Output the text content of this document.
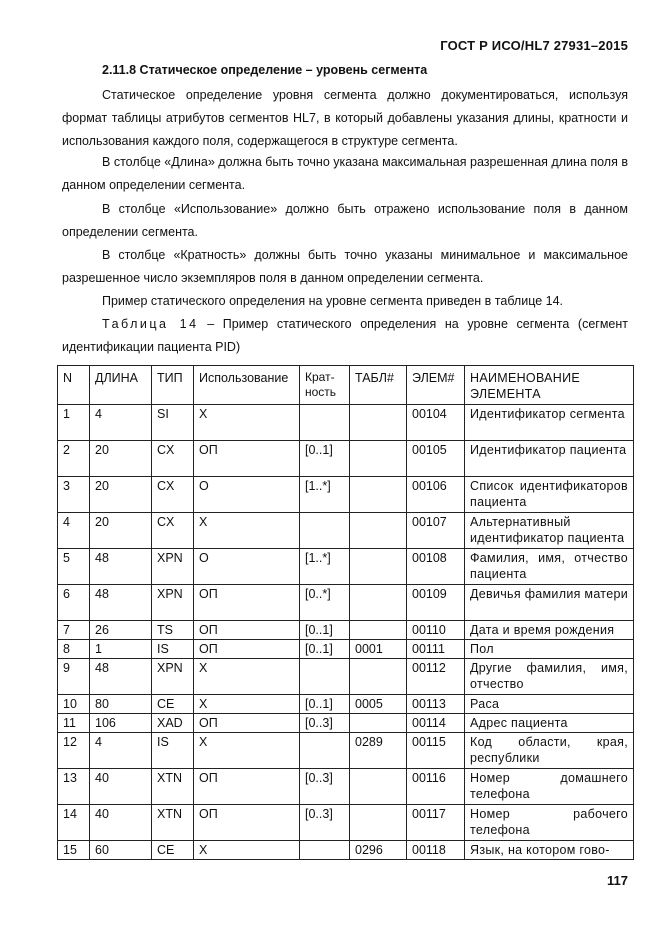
ГОСТ Р ИСО/HL7 27931–2015
2.11.8 Статическое определение – уровень сегмента

Статическое определение уровня сегмента должно документироваться, используя формат таблицы атрибутов сегментов HL7, в который добавлены указания длины, кратности и использования каждого поля, содержащегося в структуре сегмента.

В столбце «Длина» должна быть точно указана максимальная разрешенная длина поля в данном определении сегмента.

В столбце «Использование» должно быть отражено использование поля в данном определении сегмента.

В столбце «Кратность» должны быть точно указаны минимальное и максимальное разрешенное число экземпляров поля в данном определении сегмента.

Пример статического определения на уровне сегмента приведен в таблице 14.

Таблица 14 – Пример статического определения на уровне сегмента (сегмент идентификации пациента PID)

N	ДЛИНА	ТИП	Использование	Крат-ность	ТАБЛ#	ЭЛЕМ#	НАИМЕНОВАНИЕ ЭЛЕМЕНТА
1	4	SI	X			00104	Идентификатор сегмента
2	20	CX	ОП	[0..1]		00105	Идентификатор пациента
3	20	CX	О	[1..*]		00106	Список идентификаторов пациента
4	20	CX	X			00107	Альтернативный идентификатор пациента
5	48	XPN	О	[1..*]		00108	Фамилия, имя, отчество пациента
6	48	XPN	ОП	[0..*]		00109	Девичья фамилия матери
7	26	TS	ОП	[0..1]		00110	Дата и время рождения
8	1	IS	ОП	[0..1]	0001	00111	Пол
9	48	XPN	X			00112	Другие фамилия, имя, отчество
10	80	CE	X	[0..1]	0005	00113	Раса
11	106	XAD	ОП	[0..3]		00114	Адрес пациента
12	4	IS	X		0289	00115	Код области, края, республики
13	40	XTN	ОП	[0..3]		00116	Номер домашнего телефона
14	40	XTN	ОП	[0..3]		00117	Номер рабочего телефона
15	60	CE	X		0296	00118	Язык, на котором гово-
117
